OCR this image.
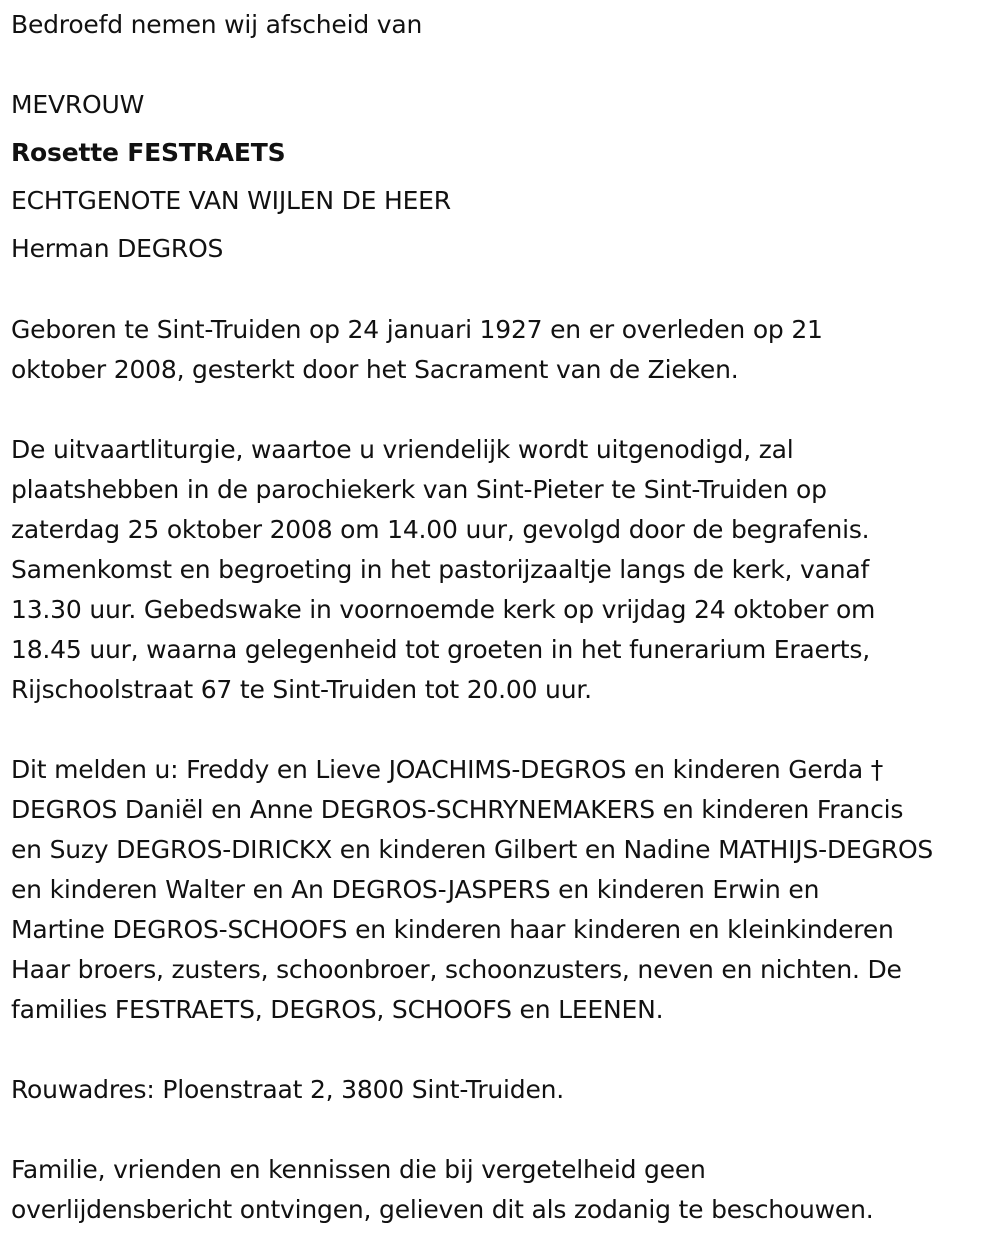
Bedroefd nemen wij afscheid van
MEVROUW
Rosette FESTRAETS
ECHTGENOTE VAN WIJLEN DE HEER
Herman DEGROS
Geboren te Sint-Truiden op 24 januari 1927 en er overleden op 21
oktober 2008, gesterkt door het Sacrament van de Zieken.
De uitvaartliturgie, waartoe u vriendelijk wordt uitgenodigd, zal
plaatshebben in de parochiekerk van Sint-Pieter te Sint-Truiden op
zaterdag 25 oktober 2008 om 14.00 uur, gevolgd door de begrafenis.
Samenkomst en begroeting in het pastorijzaaltje langs de kerk, vanaf
13.30 uur. Gebedswake in voornoemde kerk op vrijdag 24 oktober om
18.45 uur, waarna gelegenheid tot groeten in het funerarium Eraerts,
Rijschoolstraat 67 te Sint-Truiden tot 20.00 uur.
Dit melden u: Freddy en Lieve JOACHIMS-DEGROS en kinderen Gerda †
DEGROS Daniël en Anne DEGROS-SCHRYNEMAKERS en kinderen Francis
en Suzy DEGROS-DIRICKX en kinderen Gilbert en Nadine MATHIJS-DEGROS
en kinderen Walter en An DEGROS-JASPERS en kinderen Erwin en
Martine DEGROS-SCHOOFS en kinderen haar kinderen en kleinkinderen
Haar broers, zusters, schoonbroer, schoonzusters, neven en nichten. De
families FESTRAETS, DEGROS, SCHOOFS en LEENEN.
Rouwadres: Ploenstraat 2, 3800 Sint-Truiden.
Familie, vrienden en kennissen die bij vergetelheid geen
overlijdensbericht ontvingen, gelieven dit als zodanig te beschouwen.
